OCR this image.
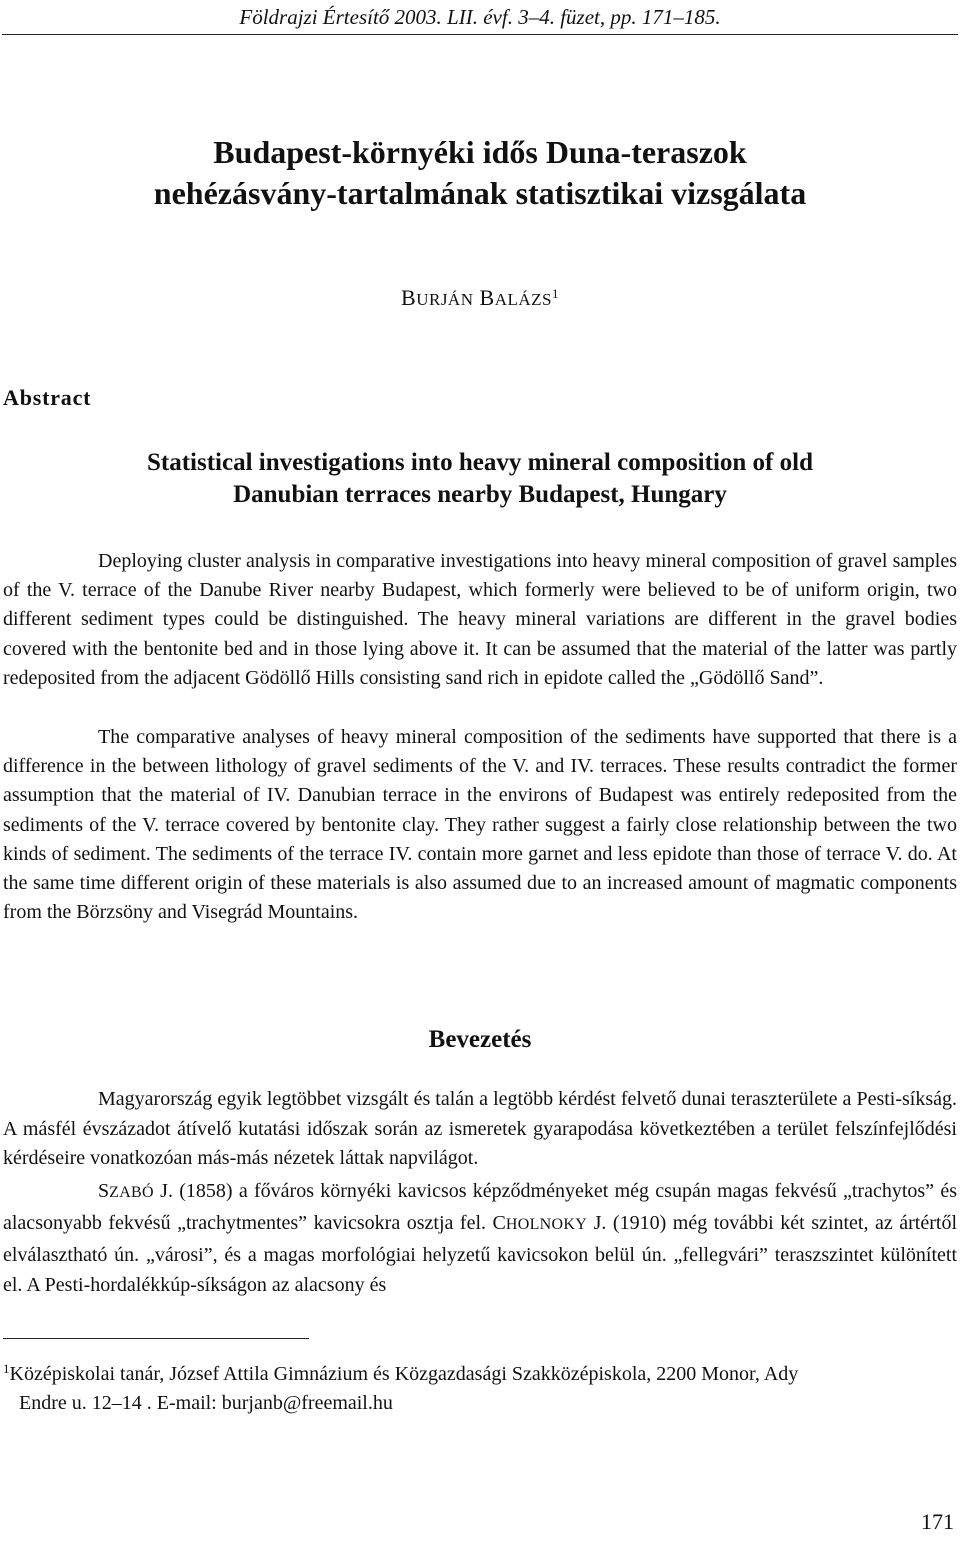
Földrajzi Értesítő 2003. LII. évf. 3–4. füzet, pp. 171–185.
Budapest-környéki idős Duna-teraszok
nehézásvány-tartalmának statisztikai vizsgálata
BURJÁN BALÁZS$^1$
Abstract
Statistical investigations into heavy mineral composition of old
Danubian terraces nearby Budapest, Hungary

Deploying cluster analysis in comparative investigations into heavy mineral composition of gravel samples of the V. terrace of the Danube River nearby Budapest, which formerly were believed to be of uniform origin, two different sediment types could be distinguished. The heavy mineral variations are different in the gravel bodies covered with the bentonite bed and in those lying above it. It can be assumed that the material of the latter was partly redeposited from the adjacent Gödöllő Hills consisting sand rich in epidote called the „Gödöllő Sand”.

The comparative analyses of heavy mineral composition of the sediments have supported that there is a difference in the between lithology of gravel sediments of the V. and IV. terraces. These results contradict the former assumption that the material of IV. Danubian terrace in the environs of Budapest was entirely redeposited from the sediments of the V. terrace covered by bentonite clay. They rather suggest a fairly close relationship between the two kinds of sediment. The sediments of the terrace IV. contain more garnet and less epidote than those of terrace V. do. At the same time different origin of these materials is also assumed due to an increased amount of magmatic components from the Börzsöny and Visegrád Mountains.

Bevezetés

Magyarország egyik legtöbbet vizsgált és talán a legtöbb kérdést felvető dunai teraszterülete a Pesti-síkság. A másfél évszázadot átívelő kutatási időszak során az ismeretek gyarapodása következtében a terület felszínfejlődési kérdéseire vonatkozóan más-más nézetek láttak napvilágot.

SZABÓ J. (1858) a főváros környéki kavicsos képződményeket még csupán magas fekvésű „trachytos” és alacsonyabb fekvésű „trachytmentes” kavicsokra osztja fel. CHOLNOKY J. (1910) még további két szintet, az ártértől elválasztható ún. „városi”, és a magas morfológiai helyzetű kavicsokon belül ún. „fellegvári” teraszszintet különített el. A Pesti-hordalékkúp-síkságon az alacsony és

$^1$Középiskolai tanár, József Attila Gimnázium és Közgazdasági Szakközépiskola, 2200 Monor, Ady
Endre u. 12–14 . E-mail: burjanb@freemail.hu
171
